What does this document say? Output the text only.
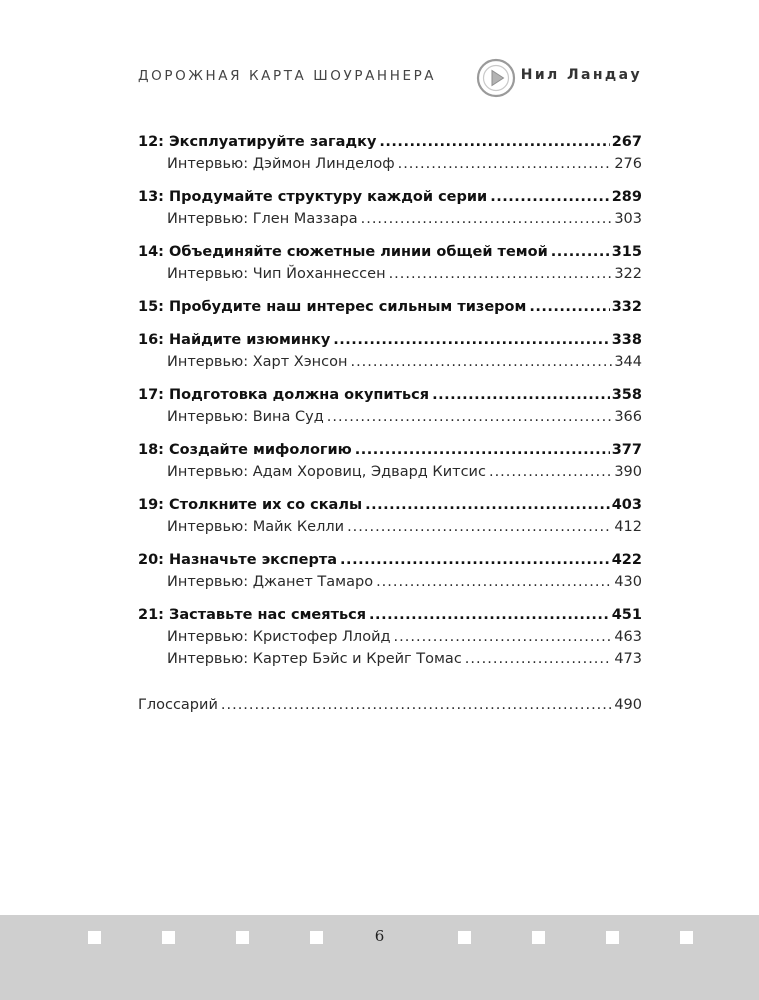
ДОРОЖНАЯ КАРТА ШОУРАННЕРА	Нил Ландау
12: Эксплуатируйте загадку .....	267
Интервью: Дэймон Линделоф .....	276
13: Продумайте структуру каждой серии .....	289
Интервью: Глен Маззара .....	303
14: Объединяйте сюжетные линии общей темой .....	315
Интервью: Чип Йоханнессен .....	322
15: Пробудите наш интерес сильным тизером .....	332
16: Найдите изюминку .....	338
Интервью: Харт Хэнсон .....	344
17: Подготовка должна окупиться .....	358
Интервью: Вина Суд .....	366
18: Создайте мифологию .....	377
Интервью: Адам Хоровиц, Эдвард Китсис .....	390
19: Столкните их со скалы .....	403
Интервью: Майк Келли .....	412
20: Назначьте эксперта .....	422
Интервью: Джанет Тамаро .....	430
21: Заставьте нас смеяться .....	451
Интервью: Кристофер Ллойд .....	463
Интервью: Картер Бэйс и Крейг Томас .....	473
Глоссарий .....	490
6
